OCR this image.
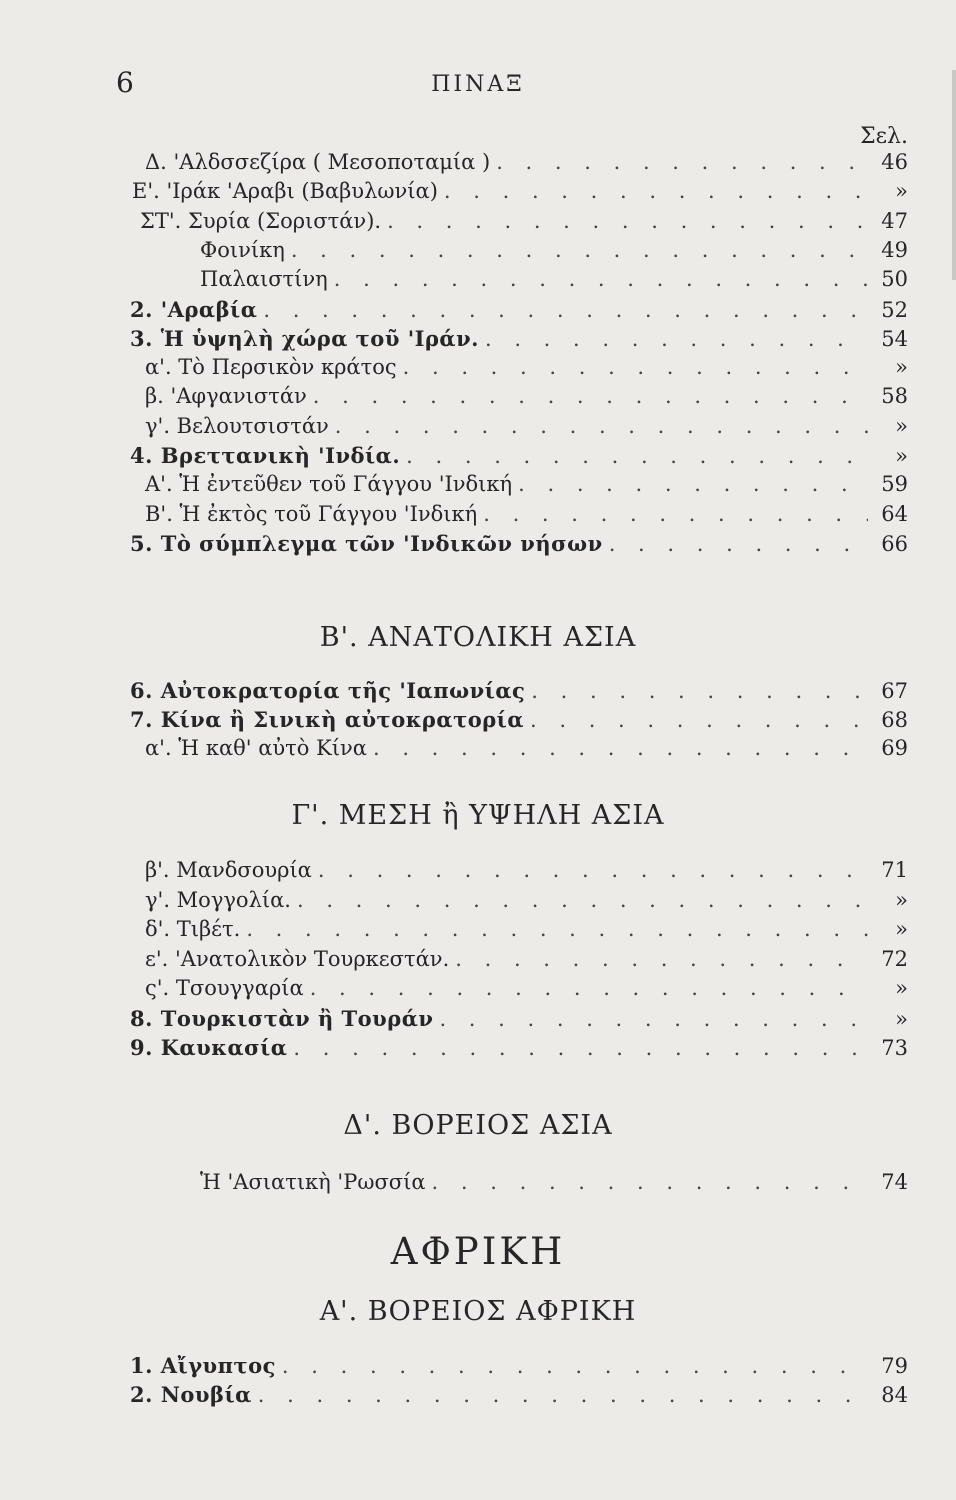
6	ΠΙΝΑΞ
Σελ.
Δ. 'Αλδσσεζίρα ( Μεσοποταμία ) . . .	46
Ε'. 'Ιράκ 'Αραβι (Βαβυλωνία) . . .	»
ΣΤ'. Συρία (Σοριστάν). . . .	47
Φοινίκη . . .	49
Παλαιστίνη . . .	50
2. 'Αραβία . . .	52
3. Ἡ ὑψηλὴ χώρα τοῦ 'Ιράν. . . .	54
α'. Τὸ Περσικὸν κράτος . . .	»
β. 'Αφγανιστάν . . .	58
γ'. Βελουτσιστάν . . .	»
4. Βρεττανικὴ 'Ινδία. . . .	»
Α'. Ἡ ἐντεῦθεν τοῦ Γάγγου 'Ινδική . . .	59
Β'. Ἡ ἐκτὸς τοῦ Γάγγου 'Ινδική . . .	64
5. Τὸ σύμπλεγμα τῶν 'Ινδικῶν νήσων . . .	66
Β'. ΑΝΑΤΟΛΙΚΗ ΑΣΙΑ
6. Αὐτοκρατορία τῆς 'Ιαπωνίας . . .	67
7. Κίνα ἢ Σινικὴ αὐτοκρατορία . . .	68
α'. Ἡ καθ' αὐτὸ Κίνα . . .	69
Γ'. ΜΕΣΗ ἢ ΥΨΗΛΗ ΑΣΙΑ
β'. Μανδσουρία . . .	71
γ'. Μογγολία. . . .	»
δ'. Τιβέτ. . . .	»
ε'. 'Ανατολικὸν Τουρκεστάν. . . .	72
ς'. Τσουγγαρία . . .	»
8. Τουρκιστὰν ἢ Τουράν . . .	»
9. Καυκασία . . .	73
Δ'. ΒΟΡΕΙΟΣ ΑΣΙΑ
Ἡ 'Ασιατικὴ 'Ρωσσία . . .	74
ΑΦΡΙΚΗ
Α'. ΒΟΡΕΙΟΣ ΑΦΡΙΚΗ
1. Αἴγυπτος . . .	79
2. Νουβία . . .	84
